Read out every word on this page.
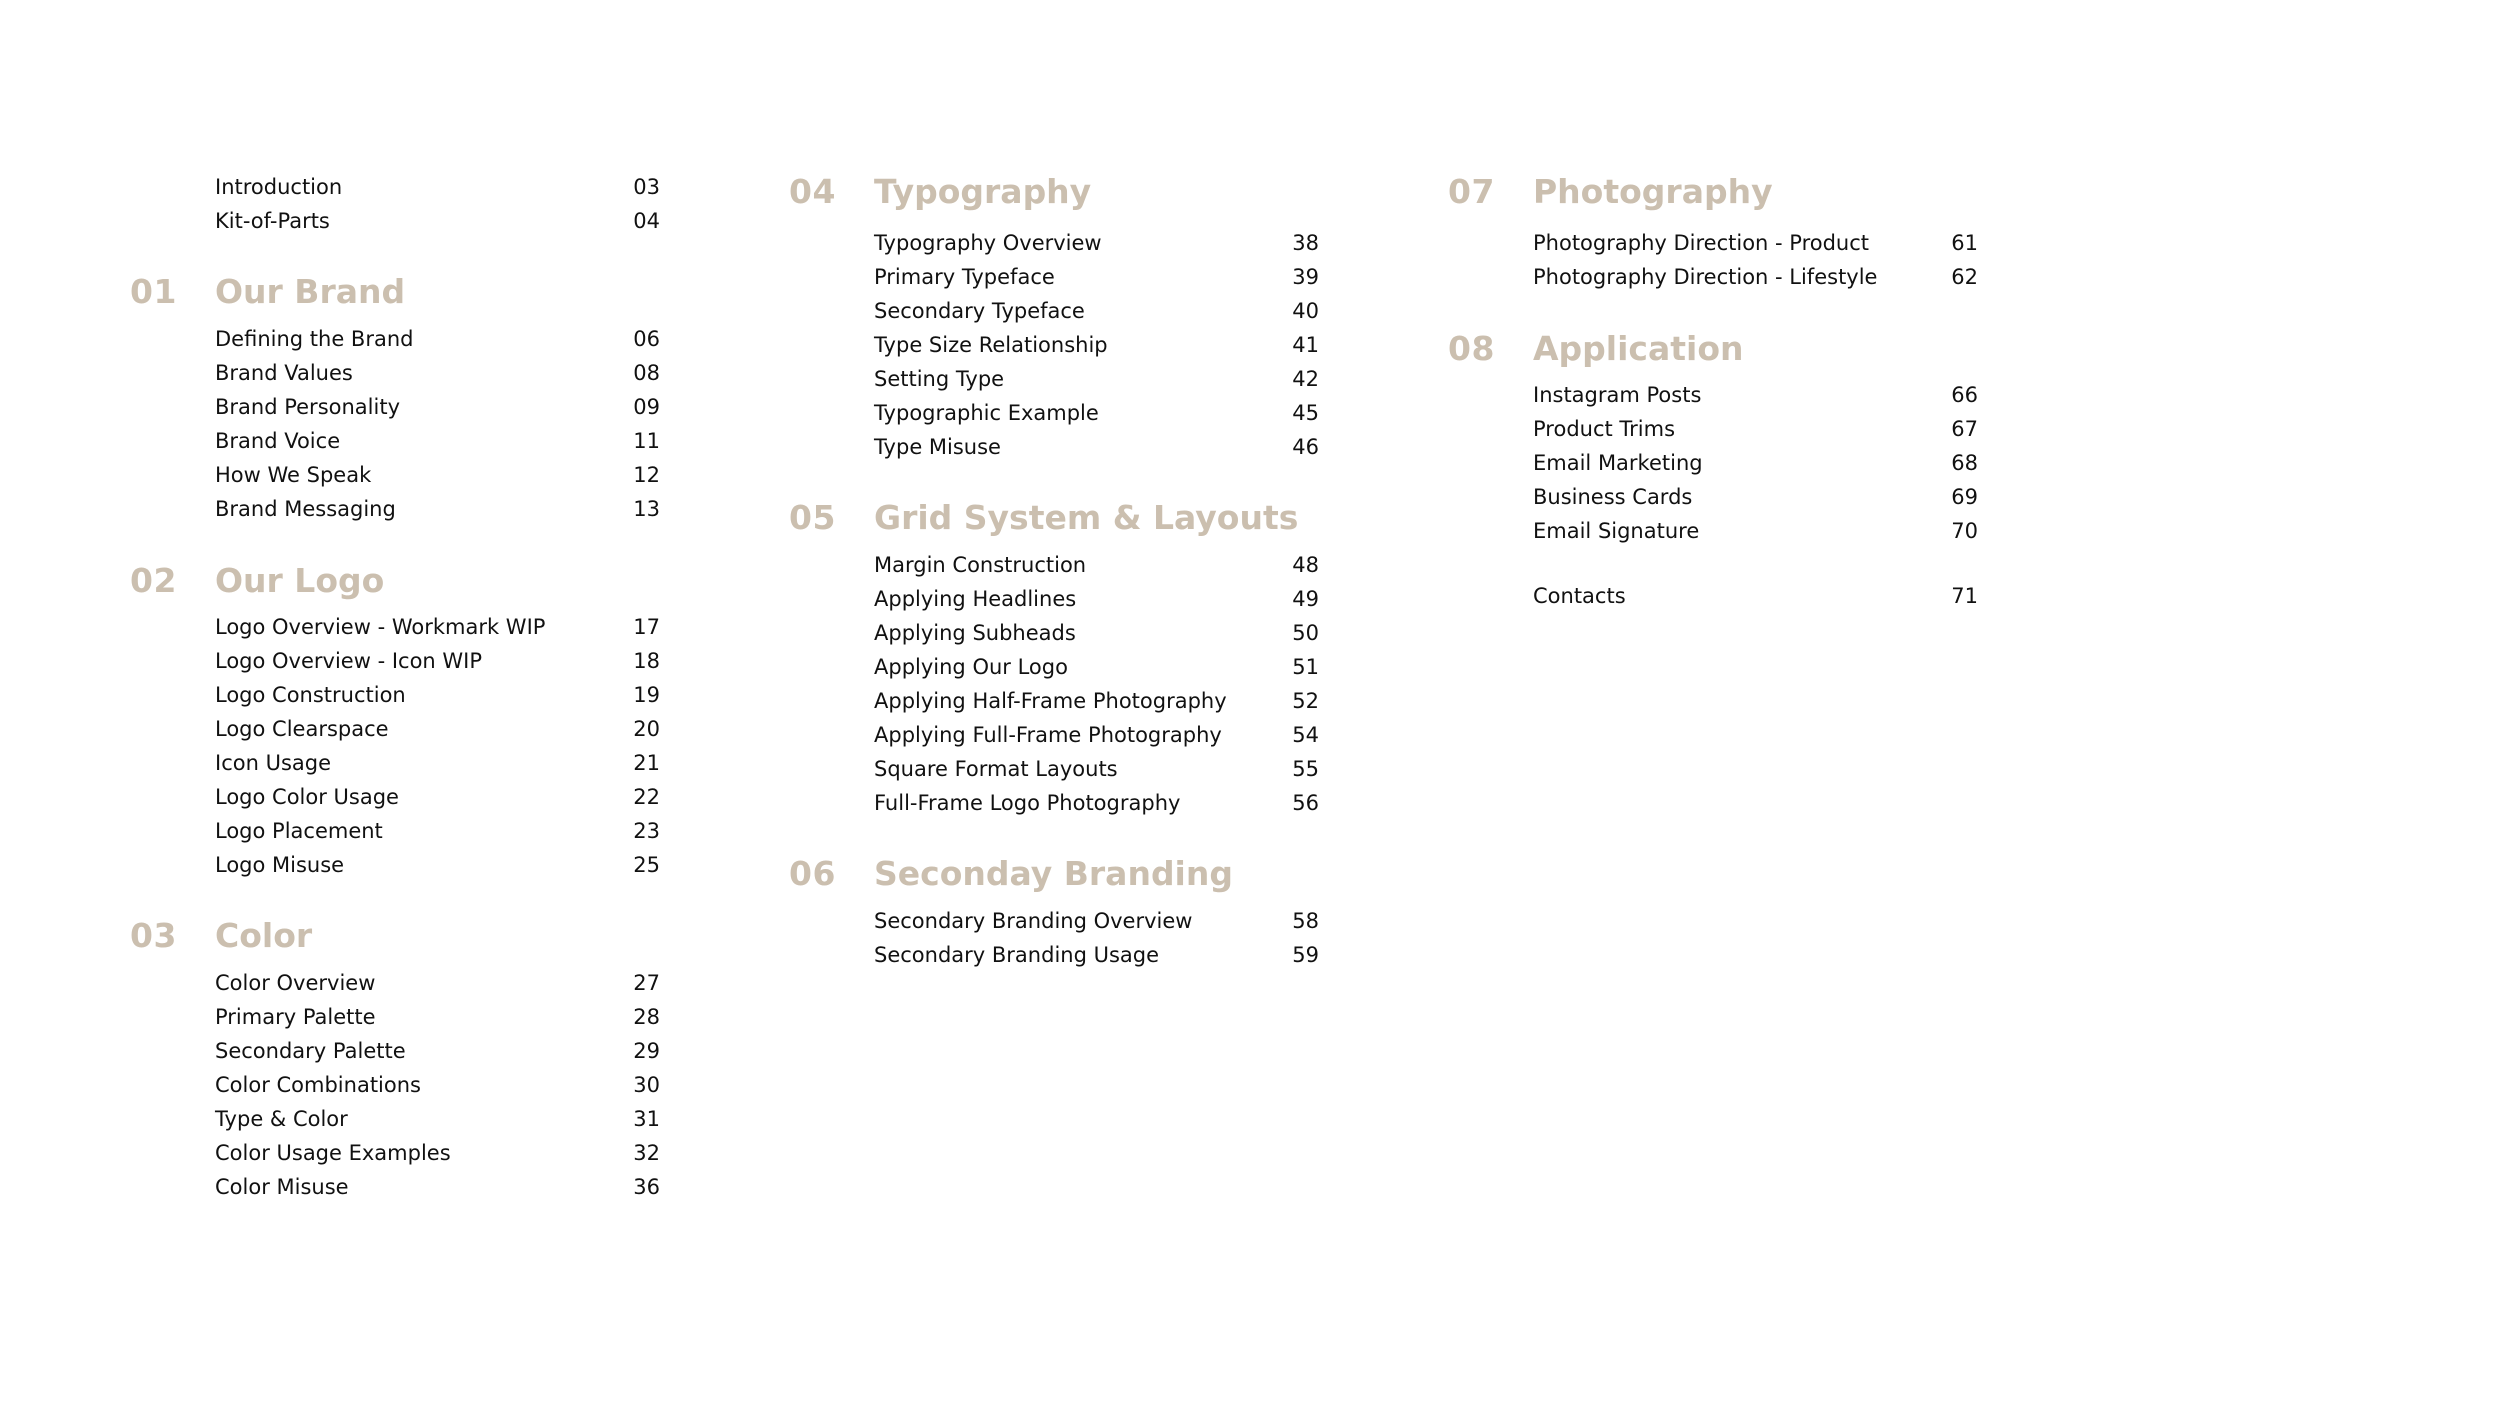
Introduction	03
Kit-of-Parts	04
01 Our Brand
Defining the Brand	06
Brand Values	08
Brand Personality	09
Brand Voice	11
How We Speak	12
Brand Messaging	13
02 Our Logo
Logo Overview - Workmark WIP	17
Logo Overview - Icon WIP	18
Logo Construction	19
Logo Clearspace	20
Icon Usage	21
Logo Color Usage	22
Logo Placement	23
Logo Misuse	25
03 Color
Color Overview	27
Primary Palette	28
Secondary Palette	29
Color Combinations	30
Type & Color	31
Color Usage Examples	32
Color Misuse	36
04 Typography
Typography Overview	38
Primary Typeface	39
Secondary Typeface	40
Type Size Relationship	41
Setting Type	42
Typographic Example	45
Type Misuse	46
05 Grid System & Layouts
Margin Construction	48
Applying Headlines	49
Applying Subheads	50
Applying Our Logo	51
Applying Half-Frame Photography	52
Applying Full-Frame Photography	54
Square Format Layouts	55
Full-Frame Logo Photography	56
06 Seconday Branding
Secondary Branding Overview	58
Secondary Branding Usage	59
07 Photography
Photography Direction - Product	61
Photography Direction - Lifestyle	62
08 Application
Instagram Posts	66
Product Trims	67
Email Marketing	68
Business Cards	69
Email Signature	70
Contacts	71
